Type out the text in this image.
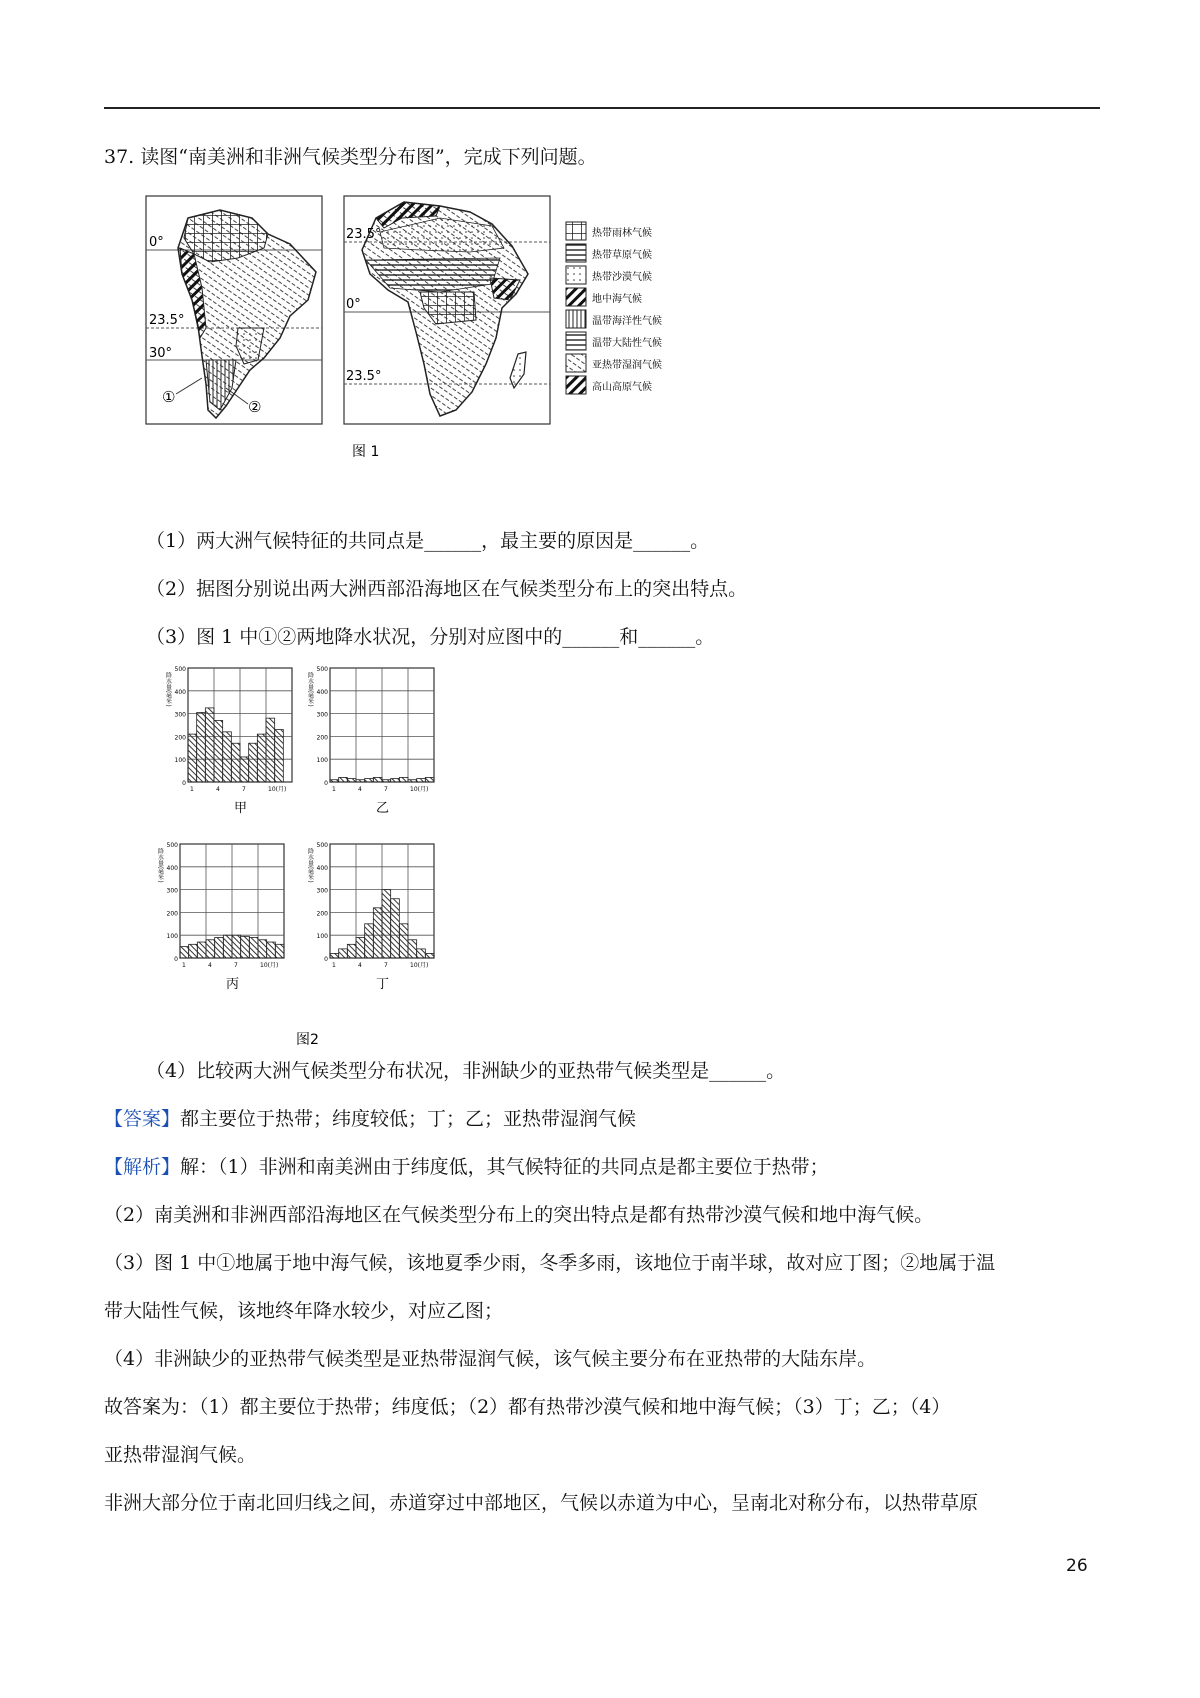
37. 读图“南美洲和非洲气候类型分布图”，完成下列问题。
0°
23.5°
30°
①
②
23.5°
0°
23.5°
热带雨林气候
热带草原气候
热带沙漠气候
地中海气候
温带海洋性气候
温带大陆性气候
亚热带湿润气候
高山高原气候
图 1
（1）两大洲气候特征的共同点是______，最主要的原因是______。
（2）据图分别说出两大洲西部沿海地区在气候类型分布上的突出特点。
（3）图 1 中①②两地降水状况，分别对应图中的______和______。
图2
500
400
300
200
100
0
1	4	7	10(月)
降水量(毫米)
甲
500
400
300
200
100
0
1	4	7	10(月)
降水量(毫米)
乙
500
400
300
200
100
0
1	4	7	10(月)
降水量(毫米)
丙
500
400
300
200
100
0
1	4	7	10(月)
降水量(毫米)
丁
（4）比较两大洲气候类型分布状况，非洲缺少的亚热带气候类型是______。
【答案】都主要位于热带；纬度较低；丁；乙；亚热带湿润气候
【解析】解：（1）非洲和南美洲由于纬度低，其气候特征的共同点是都主要位于热带；
（2）南美洲和非洲西部沿海地区在气候类型分布上的突出特点是都有热带沙漠气候和地中海气候。
（3）图 1 中①地属于地中海气候，该地夏季少雨，冬季多雨，该地位于南半球，故对应丁图；②地属于温
带大陆性气候，该地终年降水较少，对应乙图；
（4）非洲缺少的亚热带气候类型是亚热带湿润气候，该气候主要分布在亚热带的大陆东岸。
故答案为：（1）都主要位于热带；纬度低；（2）都有热带沙漠气候和地中海气候；（3）丁；乙；（4）
亚热带湿润气候。
非洲大部分位于南北回归线之间，赤道穿过中部地区，气候以赤道为中心，呈南北对称分布，以热带草原
26
